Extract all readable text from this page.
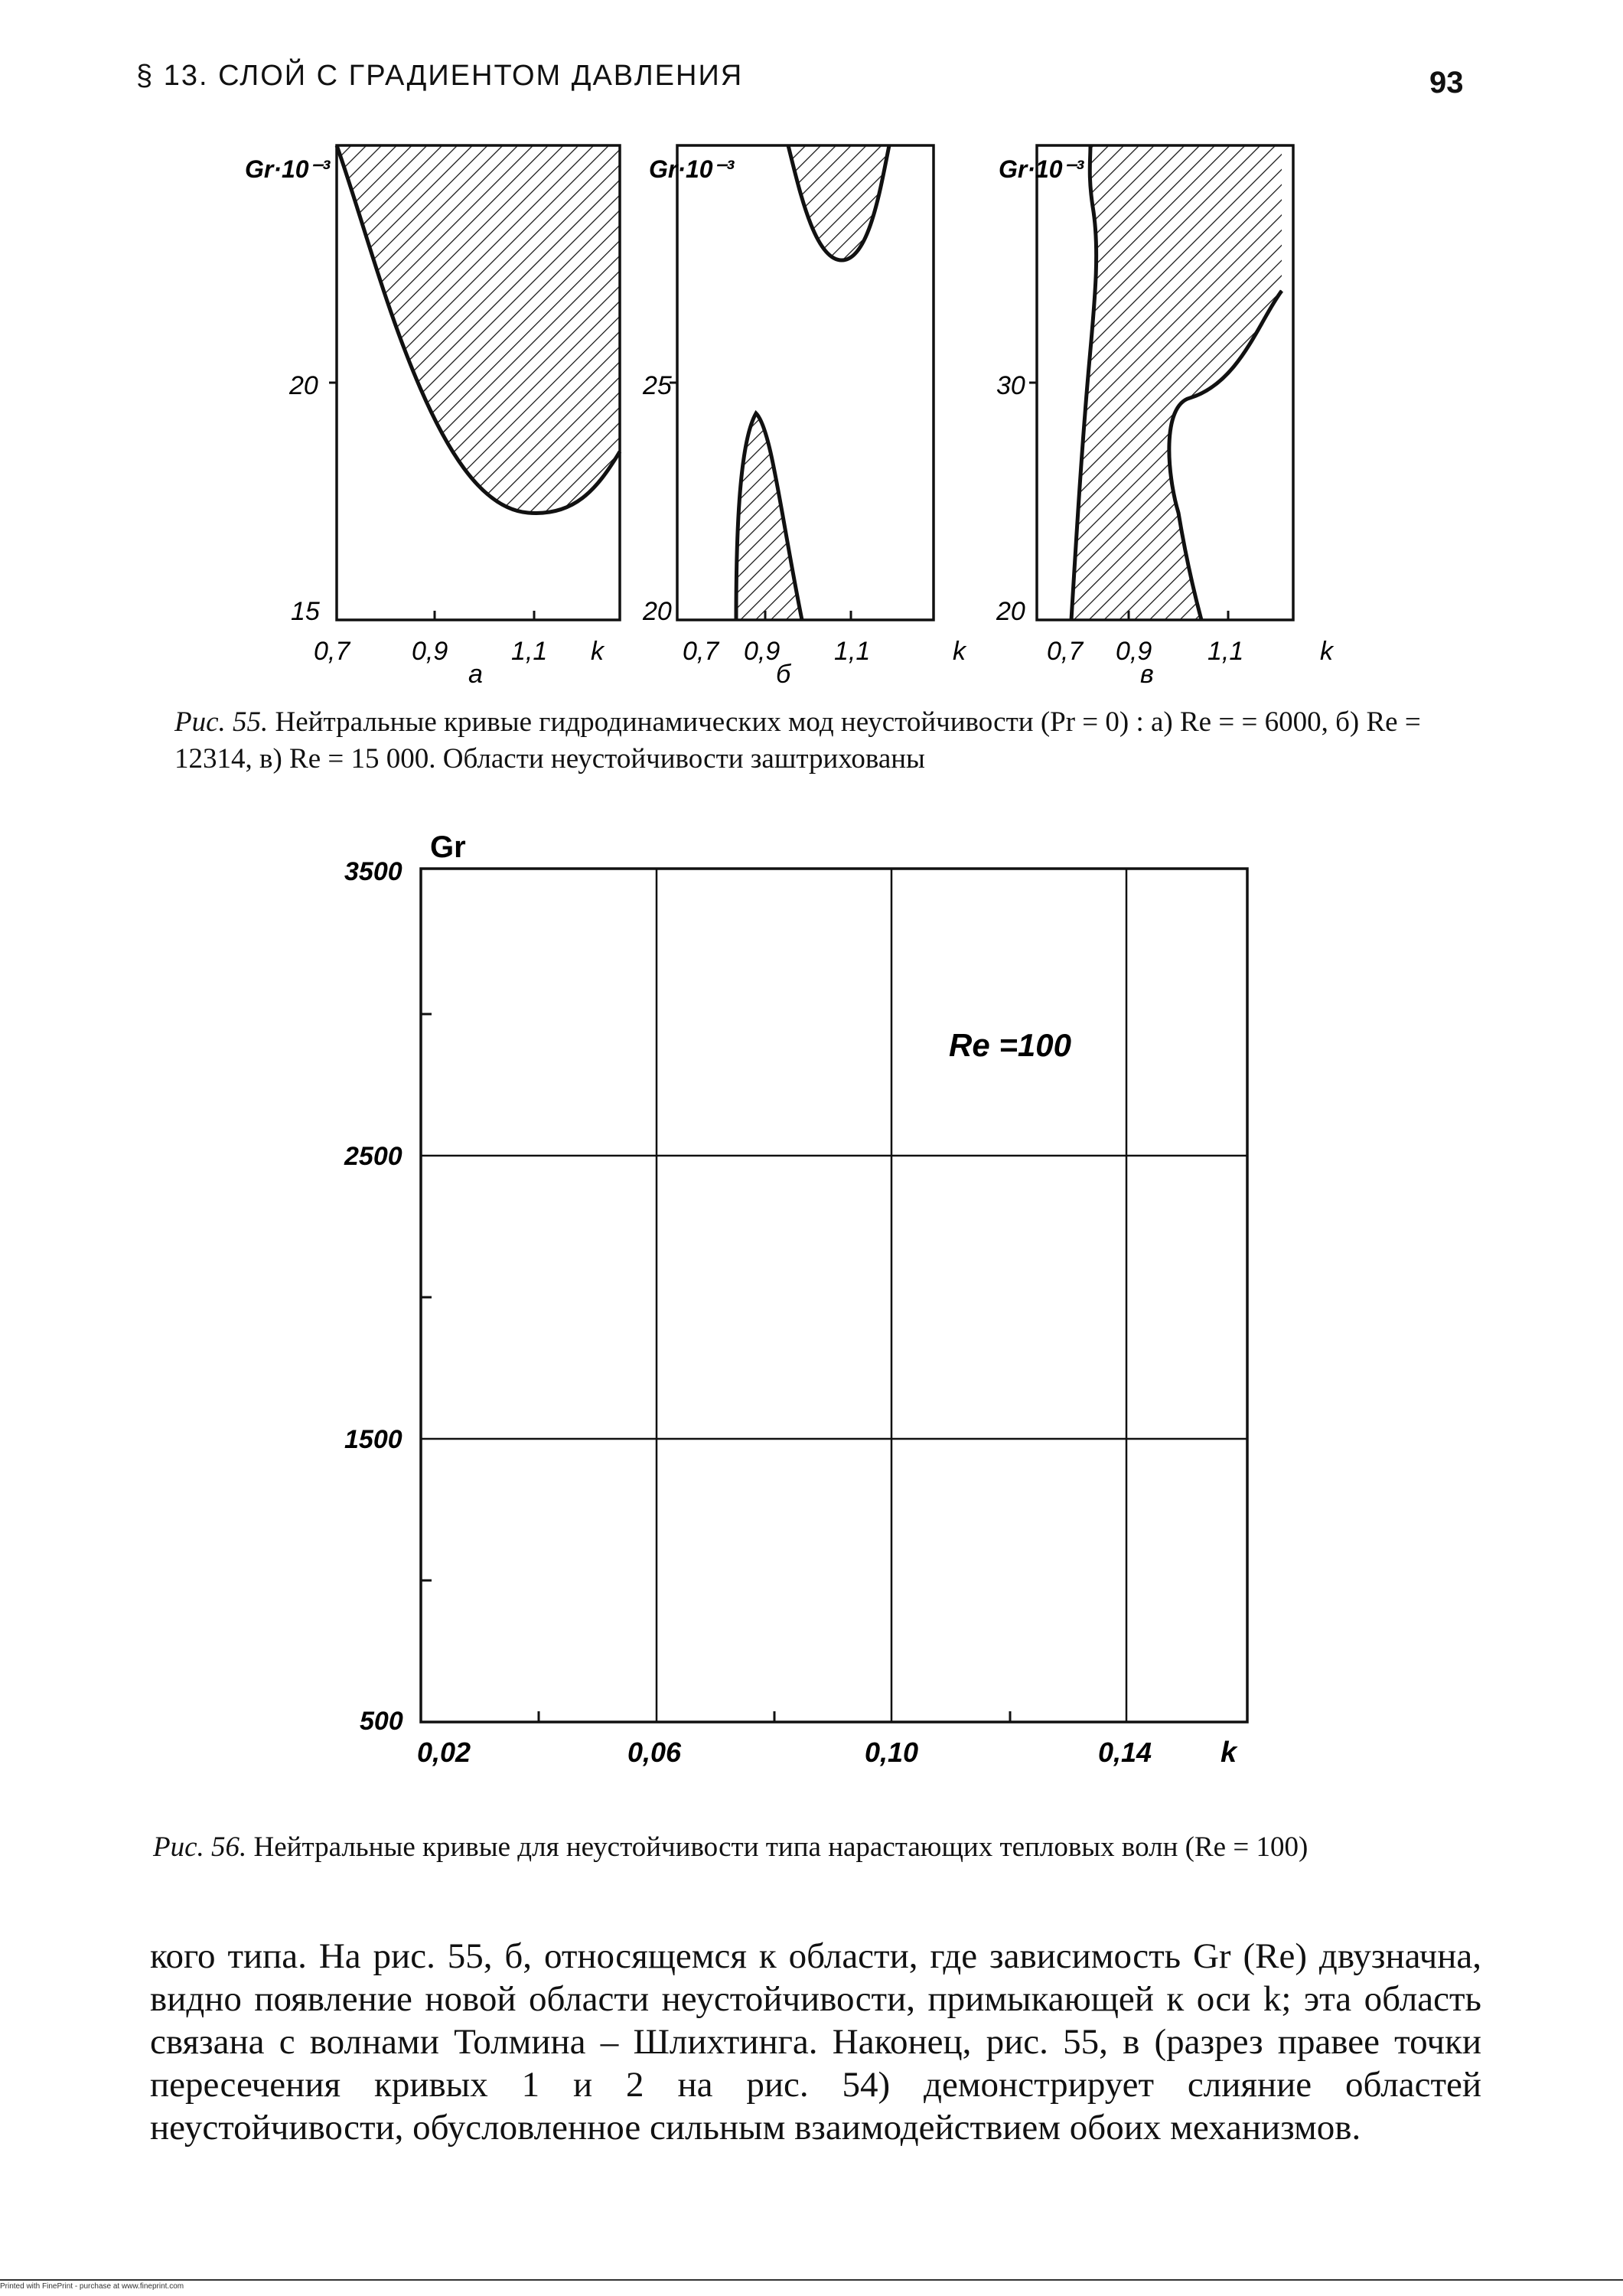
§ 13. СЛОЙ С ГРАДИЕНТОМ ДАВЛЕНИЯ	93
Gr·10⁻³
20
15
0,7 0,9 1,1 k
а
Gr·10⁻³
25
20
0,7 0,9 1,1	k
б
Gr·10⁻³
30
20
0,7 0,9 1,1	k
в
Рис. 55. Нейтральные кривые гидродинамических мод неустойчивости (Pr = 0) : а) Re = = 6000, б) Re = 12314, в) Re = 15 000. Области неустойчивости заштрихованы
Gr
3500
2500
1500
500
0,02	0,06	0,10	0,14 k
Re =100
Рис. 56. Нейтральные кривые для неустойчивости типа нарастающих тепловых волн (Re = 100)

кого типа. На рис. 55, б, относящемся к области, где зависимость Gr (Re) двузначна, видно появление новой области неустойчивости, примыкающей к оси k; эта область связана с волнами Толмина – Шлихтинга. Наконец, рис. 55, в (разрез правее точки пересечения кривых 1 и 2 на рис. 54) демонстрирует слияние областей неустойчивости, обусловленное сильным взаимодействием обоих механизмов.

Printed with FinePrint - purchase at www.fineprint.com
